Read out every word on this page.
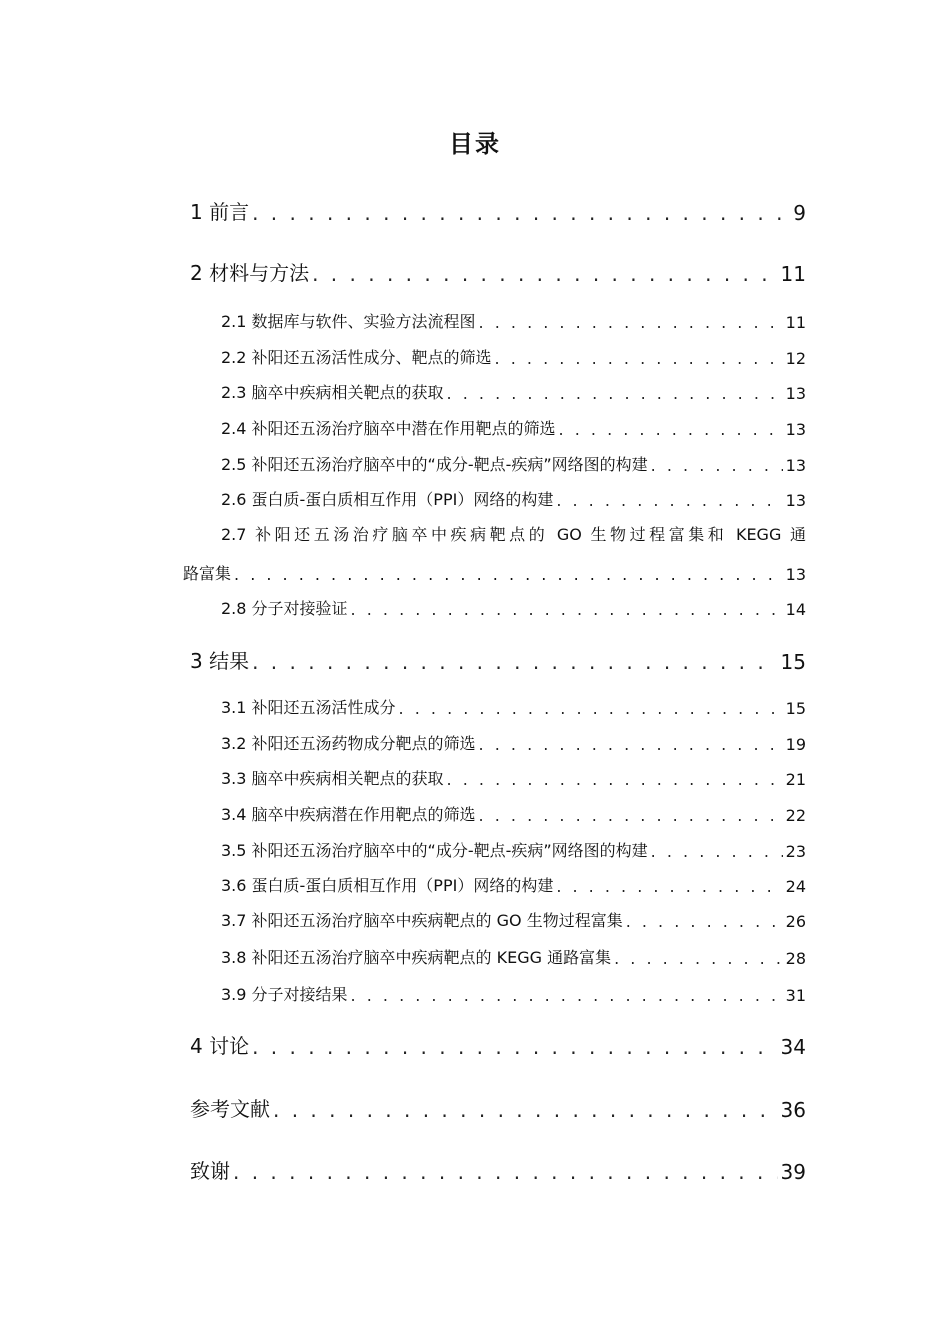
目录
1 前言 . . .	9
2 材料与方法 . . .	11
2.1 数据库与软件、实验方法流程图 . . .	11
2.2 补阳还五汤活性成分、靶点的筛选 . . .	12
2.3 脑卒中疾病相关靶点的获取 . . .	13
2.4 补阳还五汤治疗脑卒中潜在作用靶点的筛选 . . .	13
2.5 补阳还五汤治疗脑卒中的“成分-靶点-疾病”网络图的构建 . . .	13
2.6 蛋白质-蛋白质相互作用（PPI）网络的构建 . . .	13
2.7 补阳还五汤治疗脑卒中疾病靶点的 GO 生物过程富集和 KEGG 通
路富集 . . .	13
2.8 分子对接验证 . . .	14
3 结果 . . .	15
3.1 补阳还五汤活性成分 . . .	15
3.2 补阳还五汤药物成分靶点的筛选 . . .	19
3.3 脑卒中疾病相关靶点的获取 . . .	21
3.4 脑卒中疾病潜在作用靶点的筛选 . . .	22
3.5 补阳还五汤治疗脑卒中的“成分-靶点-疾病”网络图的构建 . . .	23
3.6 蛋白质-蛋白质相互作用（PPI）网络的构建 . . .	24
3.7 补阳还五汤治疗脑卒中疾病靶点的 GO 生物过程富集 . . .	26
3.8 补阳还五汤治疗脑卒中疾病靶点的 KEGG 通路富集 . . .	28
3.9 分子对接结果 . . .	31
4 讨论 . . .	34
参考文献 . . .	36
致谢 . . .	39
